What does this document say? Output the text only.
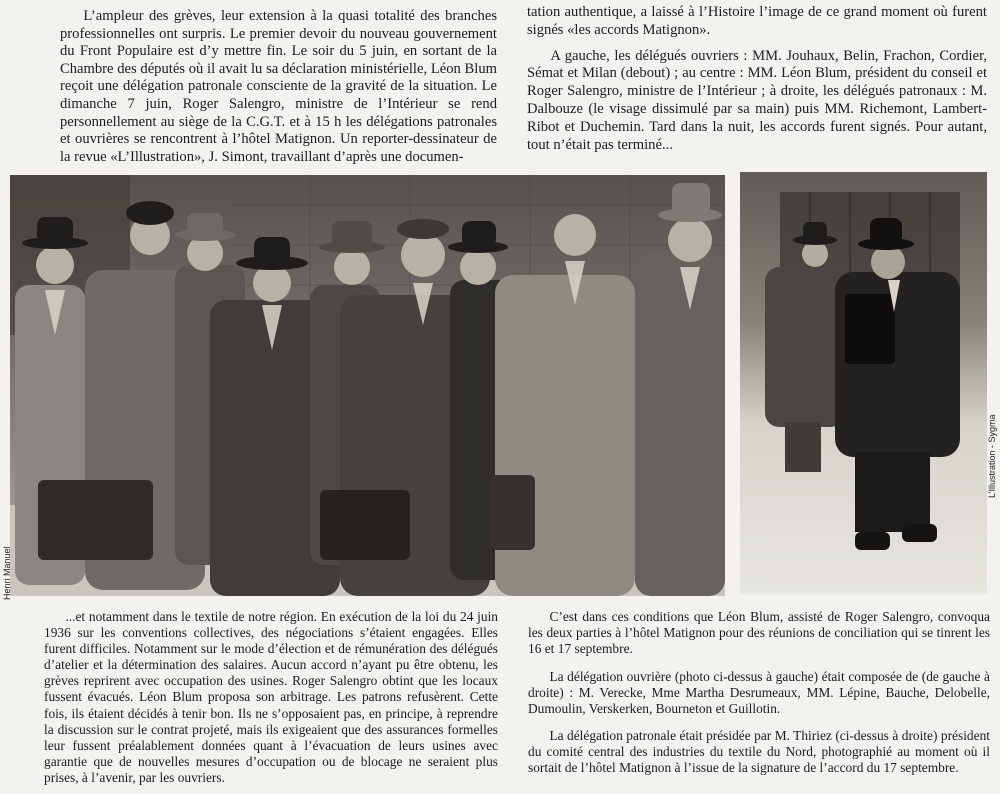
L’ampleur des grèves, leur extension à la quasi totalité des branches professionnelles ont surpris. Le premier devoir du nouveau gouvernement du Front Populaire est d’y mettre fin. Le soir du 5 juin, en sortant de la Chambre des députés où il avait lu sa déclaration ministérielle, Léon Blum reçoit une délégation patronale consciente de la gravité de la situation. Le dimanche 7 juin, Roger Salengro, ministre de l’Intérieur se rend personnellement au siège de la C.G.T. et à 15 h les délégations patronales et ouvrières se rencontrent à l’hôtel Matignon. Un reporter-dessinateur de la revue «L’Illustration», J. Simont, travaillant d’après une documen-

tation authentique, a laissé à l’Histoire l’image de ce grand moment où furent signés «les accords Matignon».

A gauche, les délégués ouvriers : MM. Jouhaux, Belin, Frachon, Cordier, Sémat et Milan (debout) ; au centre : MM. Léon Blum, président du conseil et Roger Salengro, ministre de l’Intérieur ; à droite, les délégués patronaux : M. Dalbouze (le visage dissimulé par sa main) puis MM. Richemont, Lambert-Ribot et Duchemin. Tard dans la nuit, les accords furent signés. Pour autant, tout n’était pas terminé...

Henri Manuel
L’Illustration - Sygma

...et notamment dans le textile de notre région. En exécution de la loi du 24 juin 1936 sur les conventions collectives, des négociations s’étaient engagées. Elles furent difficiles. Notamment sur le mode d’élection et de rémunération des délégués d’atelier et la détermination des salaires. Aucun accord n’ayant pu être obtenu, les grèves reprirent avec occupation des usines. Roger Salengro obtint que les locaux fussent évacués. Léon Blum proposa son arbitrage. Les patrons refusèrent. Cette fois, ils étaient décidés à tenir bon. Ils ne s’opposaient pas, en principe, à reprendre la discussion sur le contrat projeté, mais ils exigeaient que des assurances formelles leur fussent préalablement données quant à l’évacuation de leurs usines avec garantie que de nouvelles mesures d’occupation ou de blocage ne seraient plus prises, à l’avenir, par les ouvriers.

C’est dans ces conditions que Léon Blum, assisté de Roger Salengro, convoqua les deux parties à l’hôtel Matignon pour des réunions de conciliation qui se tinrent les 16 et 17 septembre.

La délégation ouvrière (photo ci-dessus à gauche) était composée de (de gauche à droite) : M. Verecke, Mme Martha Desrumeaux, MM. Lépine, Bauche, Delobelle, Dumoulin, Verskerken, Bourneton et Guillotin.

La délégation patronale était présidée par M. Thiriez (ci-dessus à droite) président du comité central des industries du textile du Nord, photographié au moment où il sortait de l’hôtel Matignon à l’issue de la signature de l’accord du 17 septembre.
